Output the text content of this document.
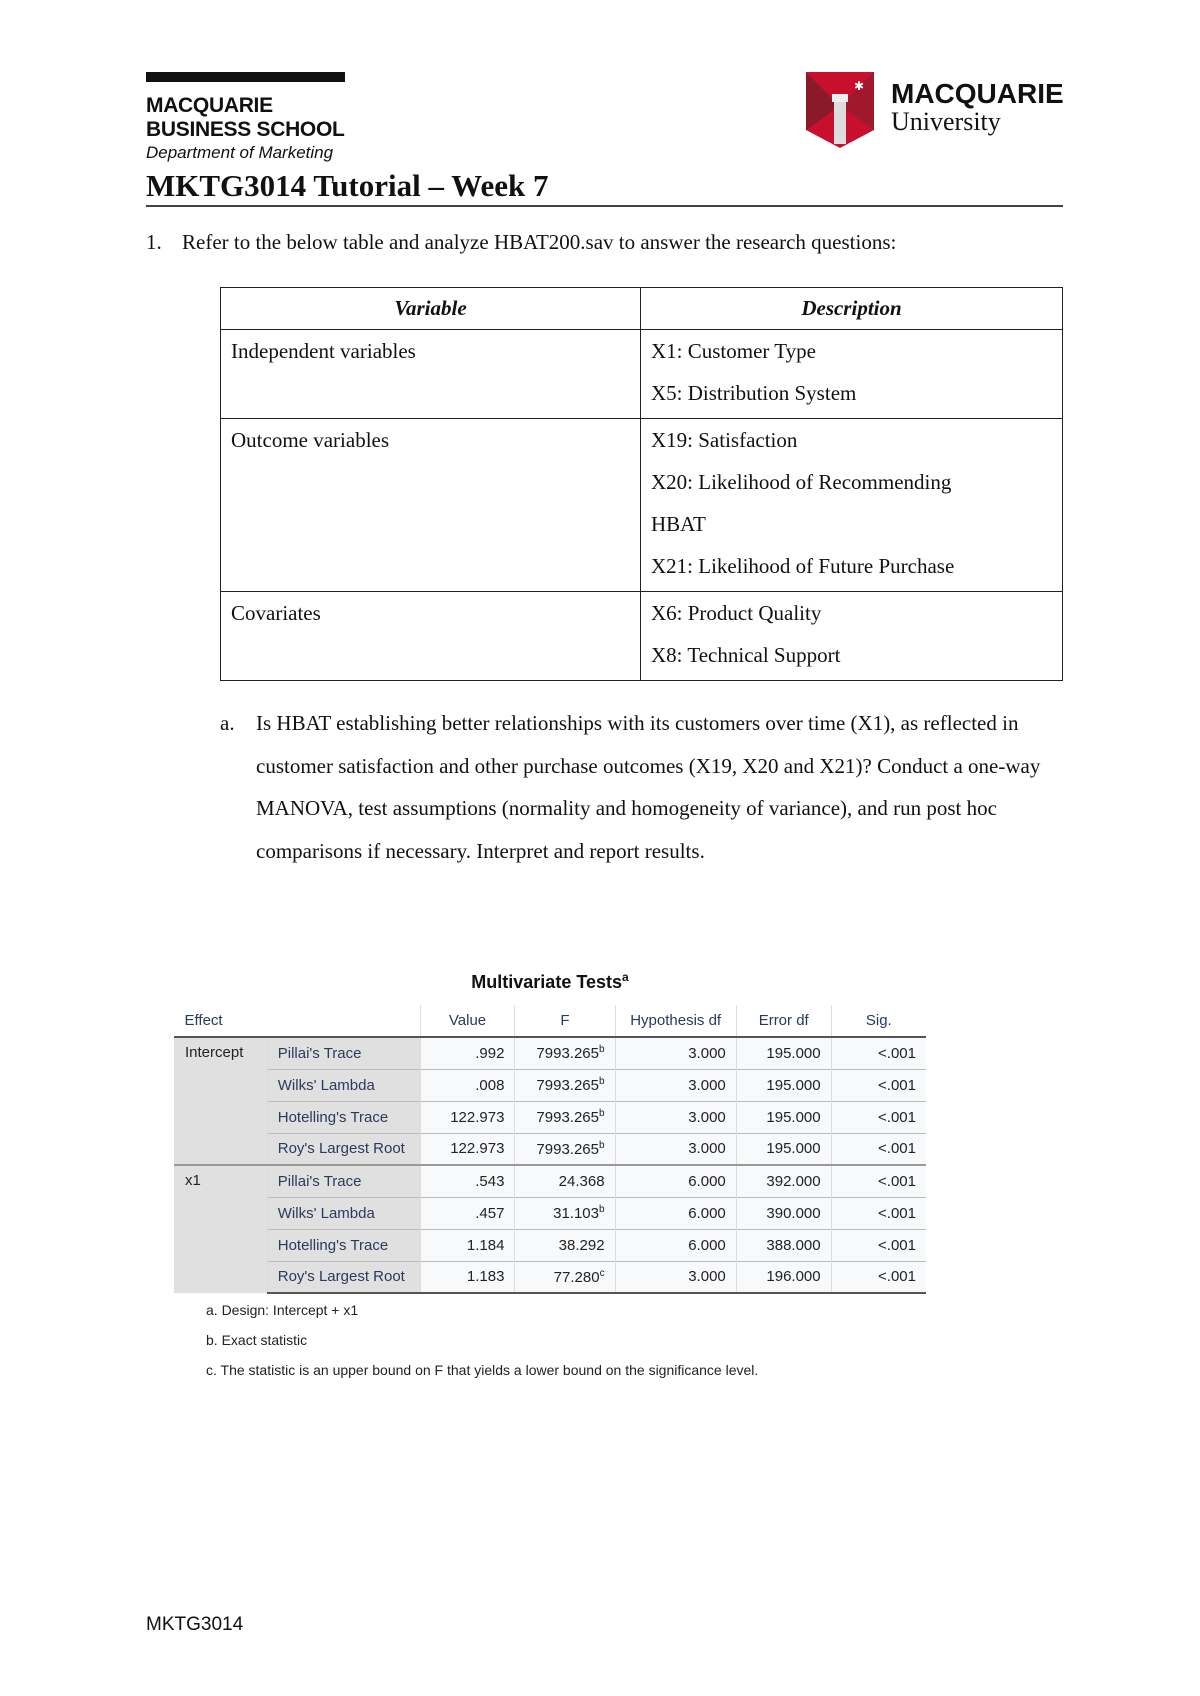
MACQUARIE
BUSINESS SCHOOL
Department of Marketing
✱ MACQUARIE
University
MKTG3014 Tutorial – Week 7
1. Refer to the below table and analyze HBAT200.sav to answer the research questions:
Variable	Description

Independent variables	X1: Customer Type
X5: Distribution System

Outcome variables	X19: Satisfaction
X20: Likelihood of Recommending
HBAT
X21: Likelihood of Future Purchase

Covariates	X6: Product Quality
X8: Technical Support
a.	Is HBAT establishing better relationships with its customers over time (X1), as reflected in customer satisfaction and other purchase outcomes (X19, X20 and X21)? Conduct a one-way MANOVA, test assumptions (normality and homogeneity of variance), and run post hoc comparisons if necessary. Interpret and report results.
Multivariate Tests$^a$
Effect		Value	F	Hypothesis df	Error df	Sig.
Intercept	Pillai's Trace	.992	7993.265$^b$	3.000	195.000	<.001
	Wilks' Lambda	.008	7993.265$^b$	3.000	195.000	<.001
	Hotelling's Trace	122.973	7993.265$^b$	3.000	195.000	<.001
	Roy's Largest Root	122.973	7993.265$^b$	3.000	195.000	<.001
x1	Pillai's Trace	.543	24.368	6.000	392.000	<.001
	Wilks' Lambda	.457	31.103$^b$	6.000	390.000	<.001
	Hotelling's Trace	1.184	38.292	6.000	388.000	<.001
	Roy's Largest Root	1.183	77.280$^c$	3.000	196.000	<.001
a. Design: Intercept + x1
b. Exact statistic
c. The statistic is an upper bound on F that yields a lower bound on the significance level.
MKTG3014
